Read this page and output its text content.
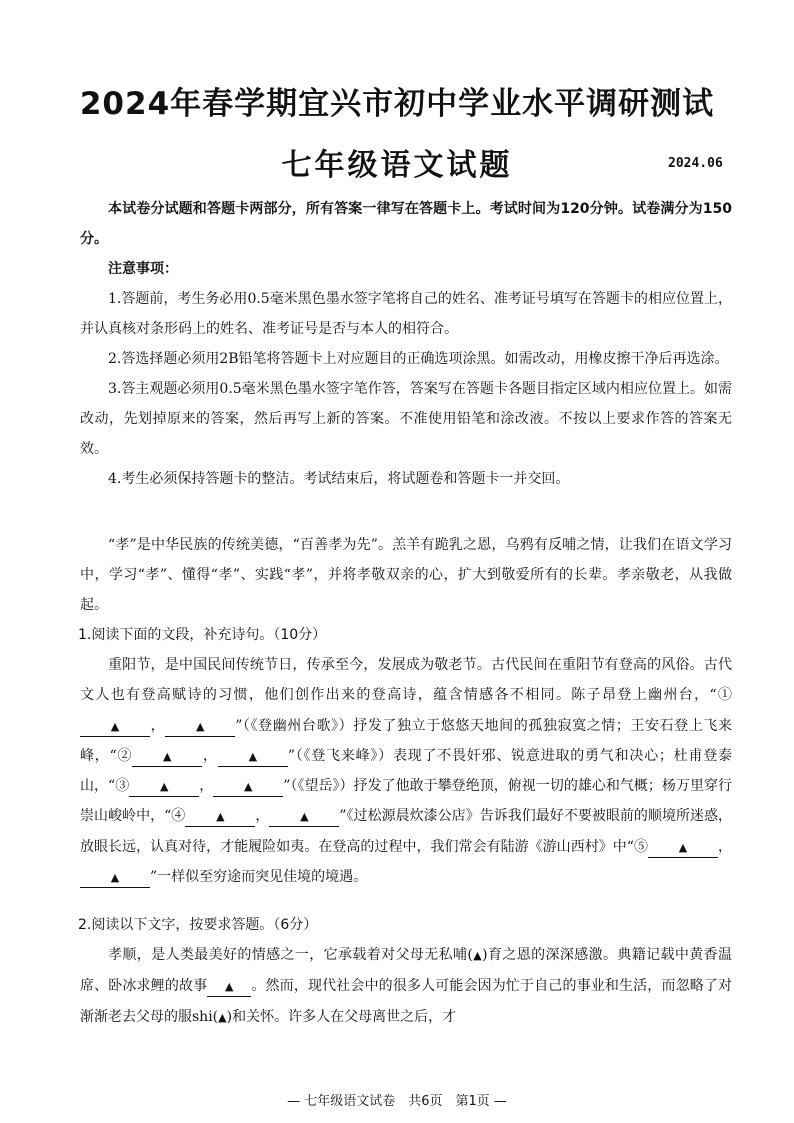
2024年春学期宜兴市初中学业水平调研测试
七年级语文试题	2024.06
本试卷分试题和答题卡两部分，所有答案一律写在答题卡上。考试时间为120分钟。试卷满分为150分。
注意事项：
1.答题前，考生务必用0.5毫米黑色墨水签字笔将自己的姓名、准考证号填写在答题卡的相应位置上，并认真核对条形码上的姓名、准考证号是否与本人的相符合。
2.答选择题必须用2B铅笔将答题卡上对应题目的正确选项涂黑。如需改动，用橡皮擦干净后再选涂。
3.答主观题必须用0.5毫米黑色墨水签字笔作答，答案写在答题卡各题目指定区域内相应位置上。如需改动，先划掉原来的答案，然后再写上新的答案。不准使用铅笔和涂改液。不按以上要求作答的答案无效。
4.考生必须保持答题卡的整洁。考试结束后，将试题卷和答题卡一并交回。
“孝”是中华民族的传统美德，“百善孝为先”。羔羊有跪乳之恩，乌鸦有反哺之情，让我们在语文学习中，学习“孝”、懂得“孝”、实践“孝”，并将孝敬双亲的心，扩大到敬爱所有的长辈。孝亲敬老，从我做起。
1.阅读下面的文段，补充诗句。（10分）
重阳节，是中国民间传统节日，传承至今，发展成为敬老节。古代民间在重阳节有登高的风俗。古代文人也有登高赋诗的习惯，他们创作出来的登高诗，蕴含情感各不相同。陈子昂登上幽州台，“①▲ ，	▲ ”（《登幽州台歌》）抒发了独立于悠悠天地间的孤独寂寞之情；王安石登上飞来峰，“②	▲ ，	▲ ”（《登飞来峰》）表现了不畏奸邪、锐意进取的勇气和决心；杜甫登泰山，“③	▲ ，	▲ ”（《望岳》）抒发了他敢于攀登绝顶，俯视一切的雄心和气概；杨万里穿行崇山峻岭中，“④	▲ ，	▲ ”《过松源晨炊漆公店》告诉我们最好不要被眼前的顺境所迷惑，放眼长远，认真对待，才能履险如夷。在登高的过程中，我们常会有陆游《游山西村》中“⑤	▲ ，▲ ”一样似至穷途而突见佳境的境遇。
2.阅读以下文字，按要求答题。（6分）
孝顺，是人类最美好的情感之一，它承载着对父母无私哺(▲)育之恩的深深感激。典籍记载中黄香温席、卧冰求鲤的故事 ▲ 。然而，现代社会中的很多人可能会因为忙于自己的事业和生活，而忽略了对渐渐老去父母的服shi(▲)和关怀。许多人在父母离世之后，才
— 七年级语文试卷　共6页　第1页 —
